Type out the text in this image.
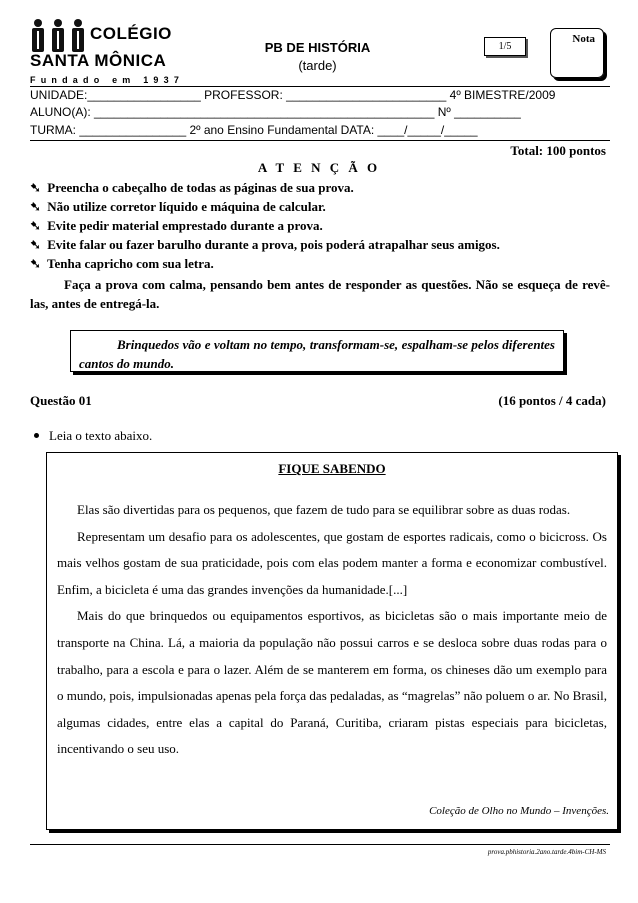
COLÉGIO
SANTA MÔNICA
Fundado em 1937
PB DE HISTÓRIA
(tarde)
1/5
Nota
UNIDADE:_________________ PROFESSOR: ________________________ 4º BIMESTRE/2009
ALUNO(A): ___________________________________________________ Nº __________
TURMA: ________________ 2º ano Ensino Fundamental DATA: ____/_____/_____
Total: 100 pontos
A T E N Ç Ã O
➷ Preencha o cabeçalho de todas as páginas de sua prova.
➷ Não utilize corretor líquido e máquina de calcular.
➷ Evite pedir material emprestado durante a prova.
➷ Evite falar ou fazer barulho durante a prova, pois poderá atrapalhar seus amigos.
➷ Tenha capricho com sua letra.
Faça a prova com calma, pensando bem antes de responder as questões. Não se esqueça de revê-las, antes de entregá-la.
Brinquedos vão e voltam no tempo, transformam-se, espalham-se pelos diferentes cantos do mundo.
Questão 01	(16 pontos / 4 cada)
Leia o texto abaixo.
FIQUE SABENDO

Elas são divertidas para os pequenos, que fazem de tudo para se equilibrar sobre as duas rodas.

Representam um desafio para os adolescentes, que gostam de esportes radicais, como o bicicross. Os mais velhos gostam de sua praticidade, pois com elas podem manter a forma e economizar combustível. Enfim, a bicicleta é uma das grandes invenções da humanidade.[...]

Mais do que brinquedos ou equipamentos esportivos, as bicicletas são o mais importante meio de transporte na China. Lá, a maioria da população não possui carros e se desloca sobre duas rodas para o trabalho, para a escola e para o lazer. Além de se manterem em forma, os chineses dão um exemplo para o mundo, pois, impulsionadas apenas pela força das pedaladas, as “magrelas” não poluem o ar. No Brasil, algumas cidades, entre elas a capital do Paraná, Curitiba, criaram pistas especiais para bicicletas, incentivando o seu uso.

Coleção de Olho no Mundo – Invenções.
prova.pbhistoria.2ano.tarde.4bim-CH-MS
